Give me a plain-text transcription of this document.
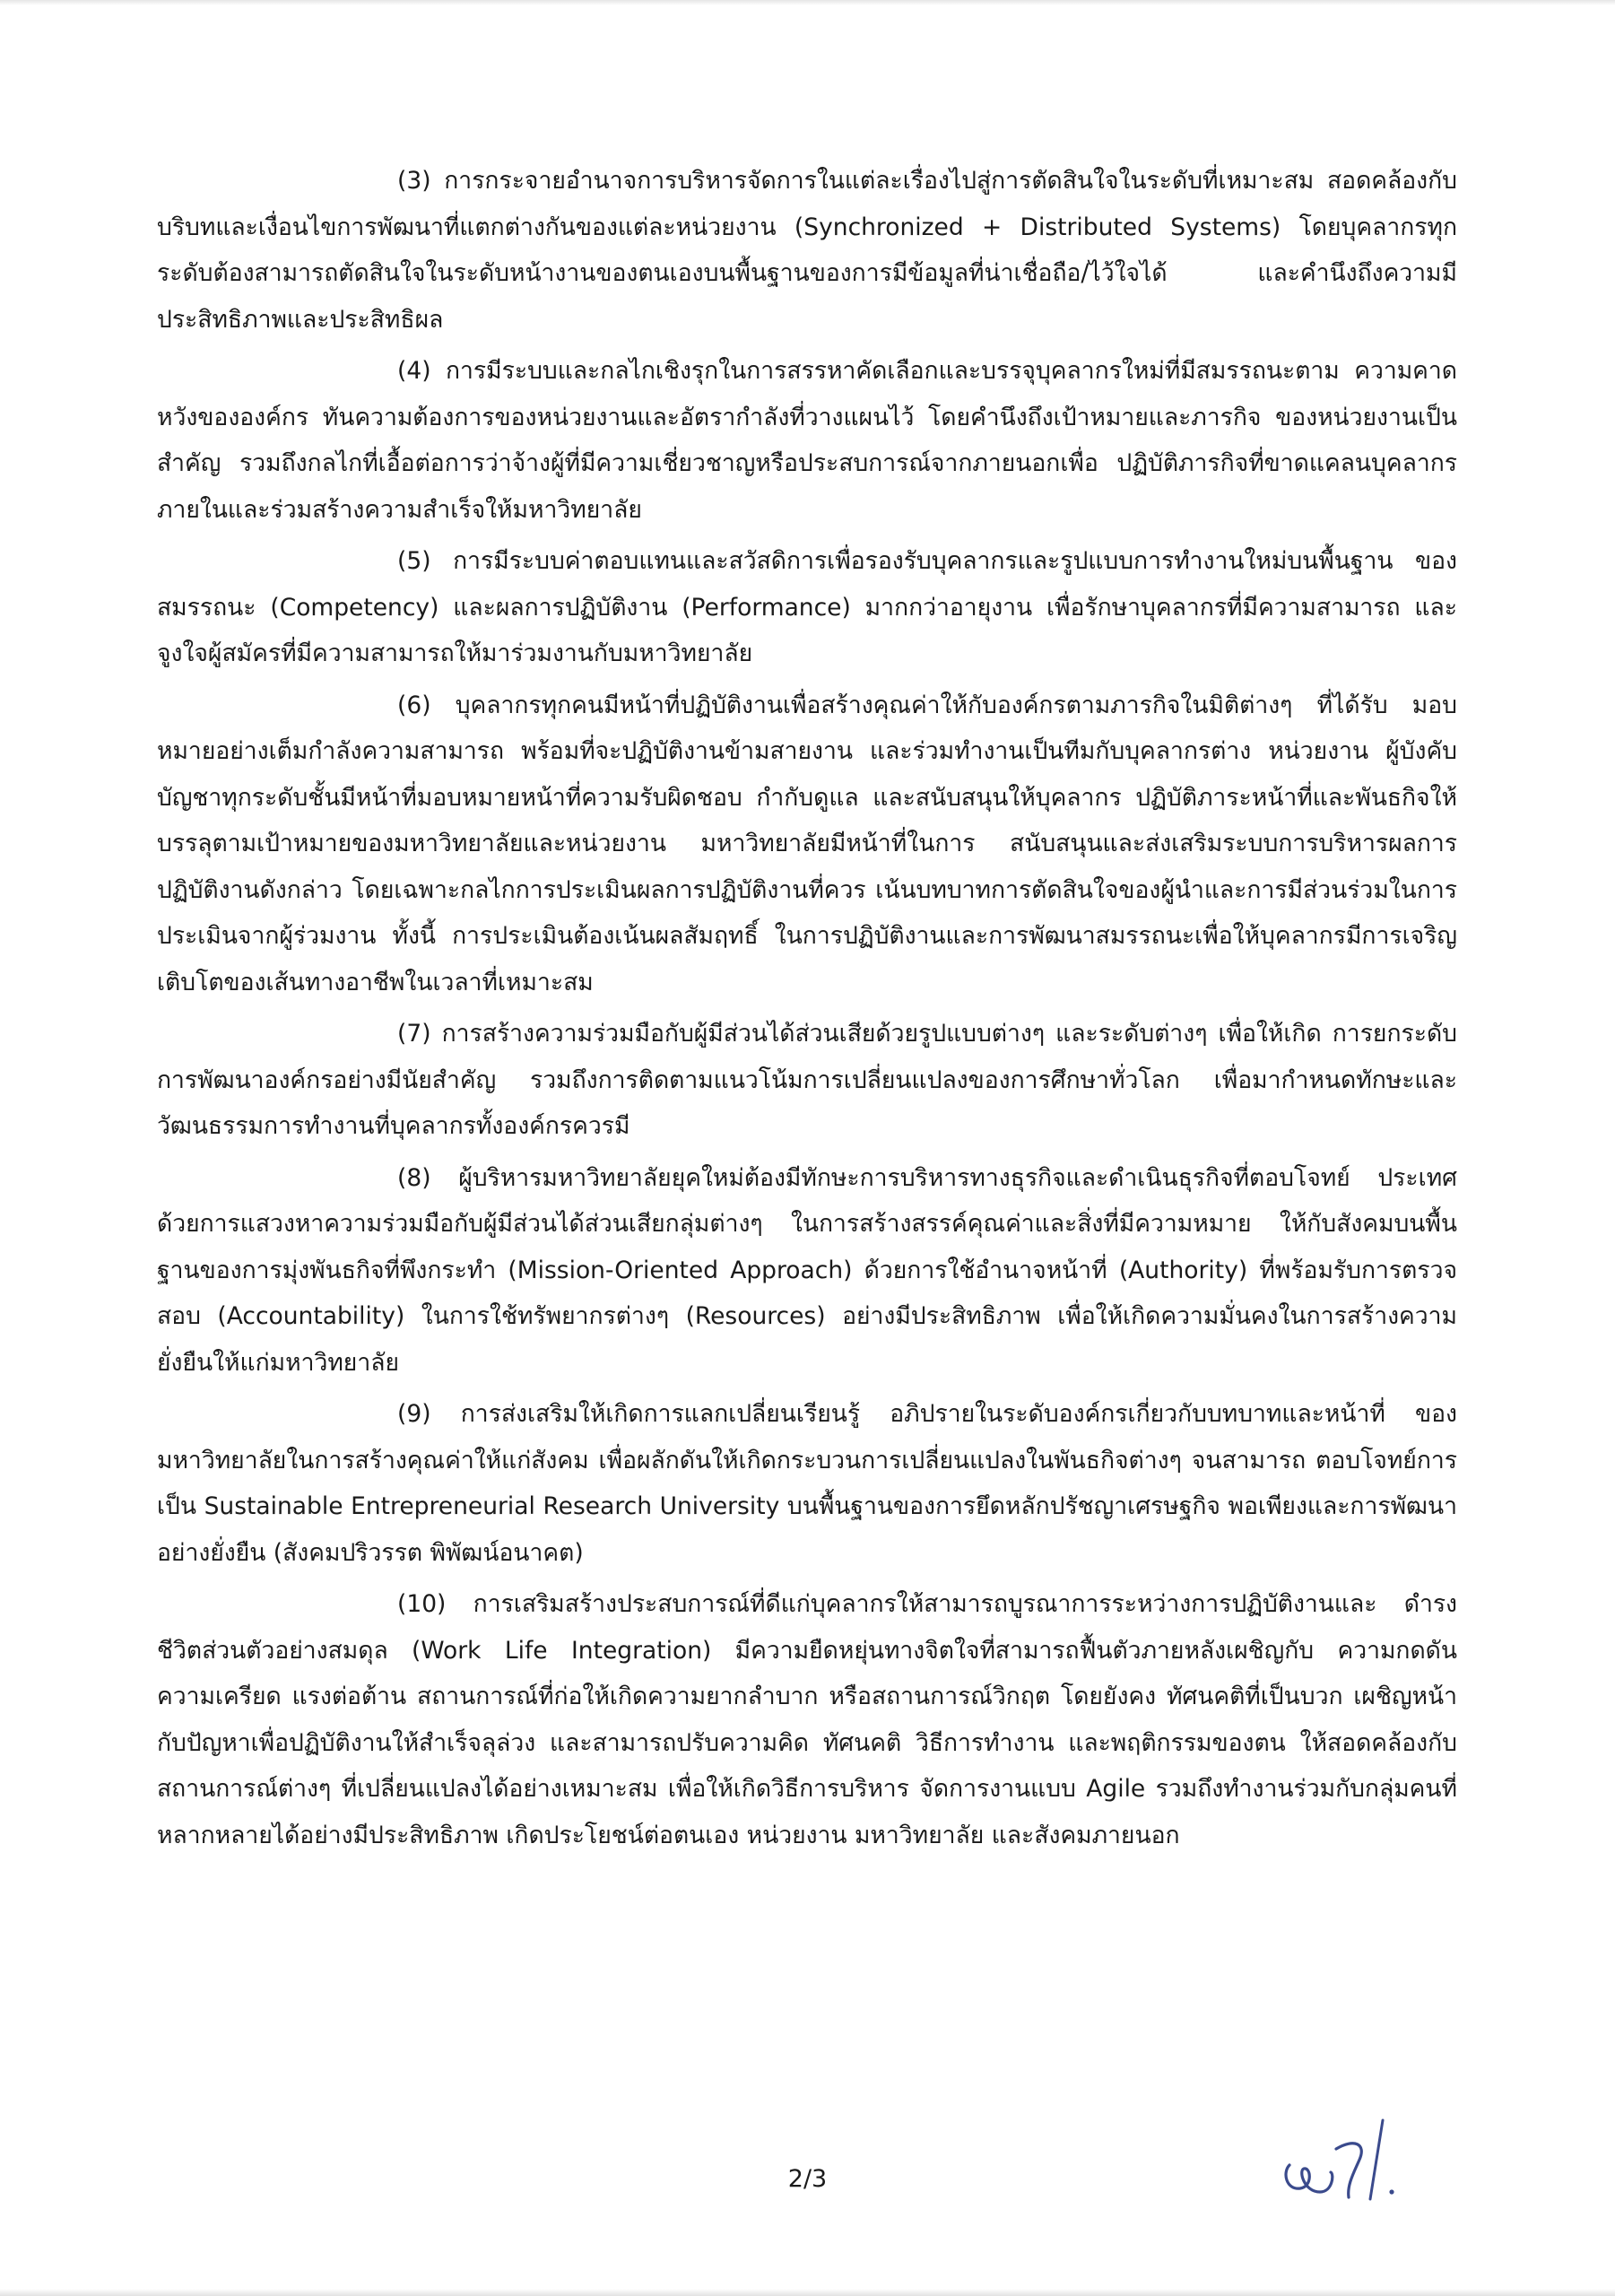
(3) การกระจายอำนาจการบริหารจัดการในแต่ละเรื่องไปสู่การตัดสินใจในระดับที่เหมาะสม สอดคล้องกับบริบทและเงื่อนไขการพัฒนาที่แตกต่างกันของแต่ละหน่วยงาน (Synchronized + Distributed Systems) โดยบุคลากรทุกระดับต้องสามารถตัดสินใจในระดับหน้างานของตนเองบนพื้นฐานของการมีข้อมูลที่น่าเชื่อถือ/ไว้ใจได้ และคำนึงถึงความมีประสิทธิภาพและประสิทธิผล

(4) การมีระบบและกลไกเชิงรุกในการสรรหาคัดเลือกและบรรจุบุคลากรใหม่ที่มีสมรรถนะตาม ความคาดหวังขององค์กร ทันความต้องการของหน่วยงานและอัตรากำลังที่วางแผนไว้ โดยคำนึงถึงเป้าหมายและภารกิจ ของหน่วยงานเป็นสำคัญ รวมถึงกลไกที่เอื้อต่อการว่าจ้างผู้ที่มีความเชี่ยวชาญหรือประสบการณ์จากภายนอกเพื่อ ปฏิบัติภารกิจที่ขาดแคลนบุคลากรภายในและร่วมสร้างความสำเร็จให้มหาวิทยาลัย

(5) การมีระบบค่าตอบแทนและสวัสดิการเพื่อรองรับบุคลากรและรูปแบบการทำงานใหม่บนพื้นฐาน ของสมรรถนะ (Competency) และผลการปฏิบัติงาน (Performance) มากกว่าอายุงาน เพื่อรักษาบุคลากรที่มีความสามารถ และจูงใจผู้สมัครที่มีความสามารถให้มาร่วมงานกับมหาวิทยาลัย

(6) บุคลากรทุกคนมีหน้าที่ปฏิบัติงานเพื่อสร้างคุณค่าให้กับองค์กรตามภารกิจในมิติต่างๆ ที่ได้รับ มอบหมายอย่างเต็มกำลังความสามารถ พร้อมที่จะปฏิบัติงานข้ามสายงาน และร่วมทำงานเป็นทีมกับบุคลากรต่าง หน่วยงาน ผู้บังคับบัญชาทุกระดับชั้นมีหน้าที่มอบหมายหน้าที่ความรับผิดชอบ กำกับดูแล และสนับสนุนให้บุคลากร ปฏิบัติภาระหน้าที่และพันธกิจให้บรรลุตามเป้าหมายของมหาวิทยาลัยและหน่วยงาน มหาวิทยาลัยมีหน้าที่ในการ สนับสนุนและส่งเสริมระบบการบริหารผลการปฏิบัติงานดังกล่าว โดยเฉพาะกลไกการประเมินผลการปฏิบัติงานที่ควร เน้นบทบาทการตัดสินใจของผู้นำและการมีส่วนร่วมในการประเมินจากผู้ร่วมงาน ทั้งนี้ การประเมินต้องเน้นผลสัมฤทธิ์ ในการปฏิบัติงานและการพัฒนาสมรรถนะเพื่อให้บุคลากรมีการเจริญเติบโตของเส้นทางอาชีพในเวลาที่เหมาะสม

(7) การสร้างความร่วมมือกับผู้มีส่วนได้ส่วนเสียด้วยรูปแบบต่างๆ และระดับต่างๆ เพื่อให้เกิด การยกระดับการพัฒนาองค์กรอย่างมีนัยสำคัญ รวมถึงการติดตามแนวโน้มการเปลี่ยนแปลงของการศึกษาทั่วโลก เพื่อมากำหนดทักษะและวัฒนธรรมการทำงานที่บุคลากรทั้งองค์กรควรมี

(8) ผู้บริหารมหาวิทยาลัยยุคใหม่ต้องมีทักษะการบริหารทางธุรกิจและดำเนินธุรกิจที่ตอบโจทย์ ประเทศด้วยการแสวงหาความร่วมมือกับผู้มีส่วนได้ส่วนเสียกลุ่มต่างๆ ในการสร้างสรรค์คุณค่าและสิ่งที่มีความหมาย ให้กับสังคมบนพื้นฐานของการมุ่งพันธกิจที่พึงกระทำ (Mission-Oriented Approach) ด้วยการใช้อำนาจหน้าที่ (Authority) ที่พร้อมรับการตรวจสอบ (Accountability) ในการใช้ทรัพยากรต่างๆ (Resources) อย่างมีประสิทธิภาพ เพื่อให้เกิดความมั่นคงในการสร้างความยั่งยืนให้แก่มหาวิทยาลัย

(9) การส่งเสริมให้เกิดการแลกเปลี่ยนเรียนรู้ อภิปรายในระดับองค์กรเกี่ยวกับบทบาทและหน้าที่ ของมหาวิทยาลัยในการสร้างคุณค่าให้แก่สังคม เพื่อผลักดันให้เกิดกระบวนการเปลี่ยนแปลงในพันธกิจต่างๆ จนสามารถ ตอบโจทย์การเป็น Sustainable Entrepreneurial Research University บนพื้นฐานของการยึดหลักปรัชญาเศรษฐกิจ พอเพียงและการพัฒนาอย่างยั่งยืน (สังคมปริวรรต พิพัฒน์อนาคต)

(10) การเสริมสร้างประสบการณ์ที่ดีแก่บุคลากรให้สามารถบูรณาการระหว่างการปฏิบัติงานและ ดำรงชีวิตส่วนตัวอย่างสมดุล (Work Life Integration) มีความยืดหยุ่นทางจิตใจที่สามารถฟื้นตัวภายหลังเผชิญกับ ความกดดัน ความเครียด แรงต่อต้าน สถานการณ์ที่ก่อให้เกิดความยากลำบาก หรือสถานการณ์วิกฤต โดยยังคง ทัศนคติที่เป็นบวก เผชิญหน้ากับปัญหาเพื่อปฏิบัติงานให้สำเร็จลุล่วง และสามารถปรับความคิด ทัศนคติ วิธีการทำงาน และพฤติกรรมของตน ให้สอดคล้องกับสถานการณ์ต่างๆ ที่เปลี่ยนแปลงได้อย่างเหมาะสม เพื่อให้เกิดวิธีการบริหาร จัดการงานแบบ Agile รวมถึงทำงานร่วมกับกลุ่มคนที่หลากหลายได้อย่างมีประสิทธิภาพ เกิดประโยชน์ต่อตนเอง หน่วยงาน มหาวิทยาลัย และสังคมภายนอก

2/3
